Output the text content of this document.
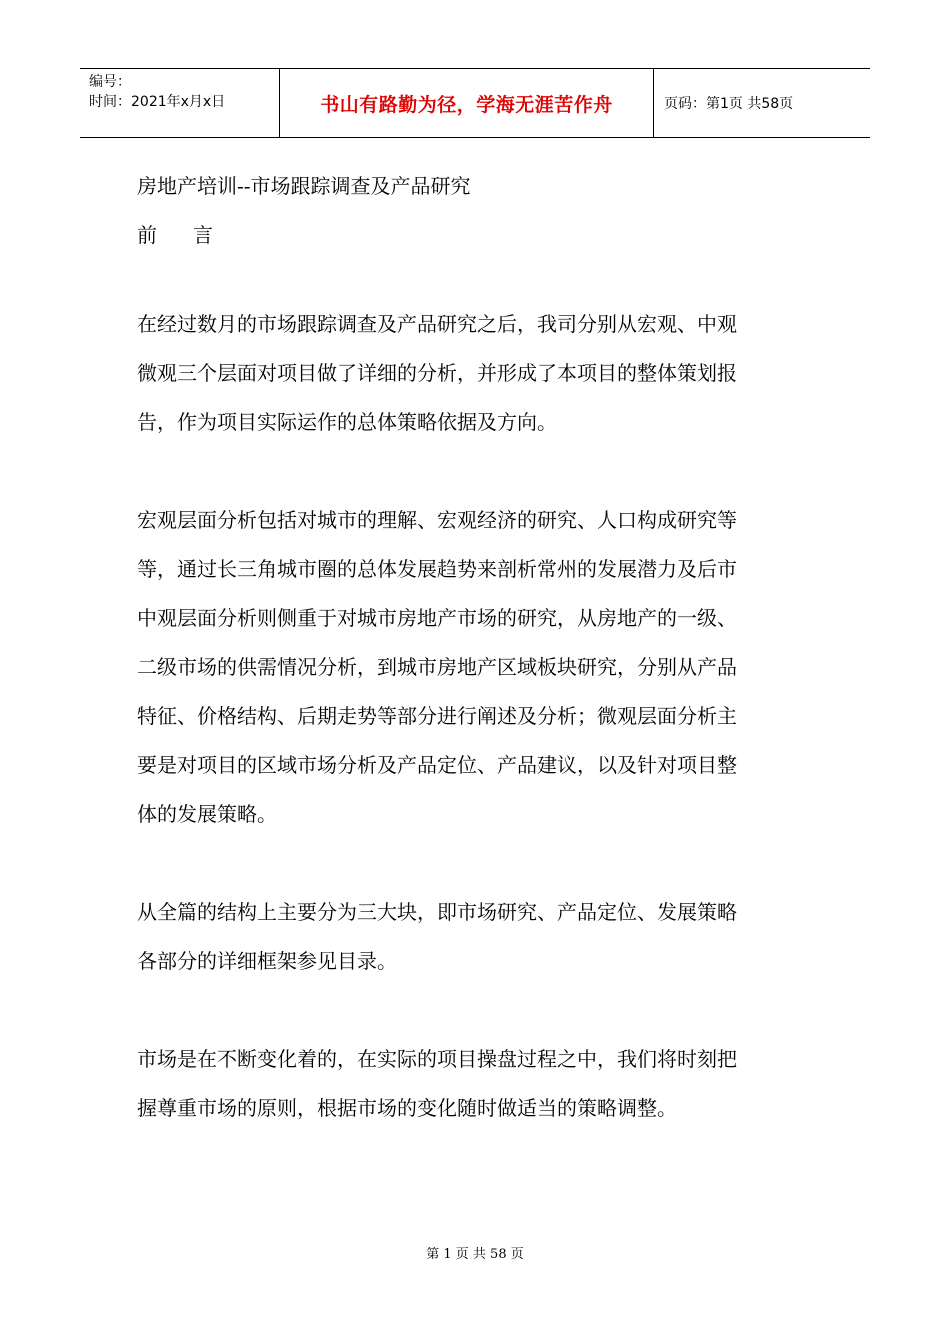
编号：
时间：2021年x月x日	书山有路勤为径，学海无涯苦作舟	页码：第1页 共58页
房地产培训--市场跟踪调查及产品研究
前 言
在经过数月的市场跟踪调查及产品研究之后，我司分别从宏观、中观
微观三个层面对项目做了详细的分析，并形成了本项目的整体策划报
告，作为项目实际运作的总体策略依据及方向。
宏观层面分析包括对城市的理解、宏观经济的研究、人口构成研究等
等，通过长三角城市圈的总体发展趋势来剖析常州的发展潜力及后市
中观层面分析则侧重于对城市房地产市场的研究，从房地产的一级、
二级市场的供需情况分析，到城市房地产区域板块研究，分别从产品
特征、价格结构、后期走势等部分进行阐述及分析；微观层面分析主
要是对项目的区域市场分析及产品定位、产品建议，以及针对项目整
体的发展策略。
从全篇的结构上主要分为三大块，即市场研究、产品定位、发展策略
各部分的详细框架参见目录。
市场是在不断变化着的，在实际的项目操盘过程之中，我们将时刻把
握尊重市场的原则，根据市场的变化随时做适当的策略调整。
第 1 页 共 58 页
